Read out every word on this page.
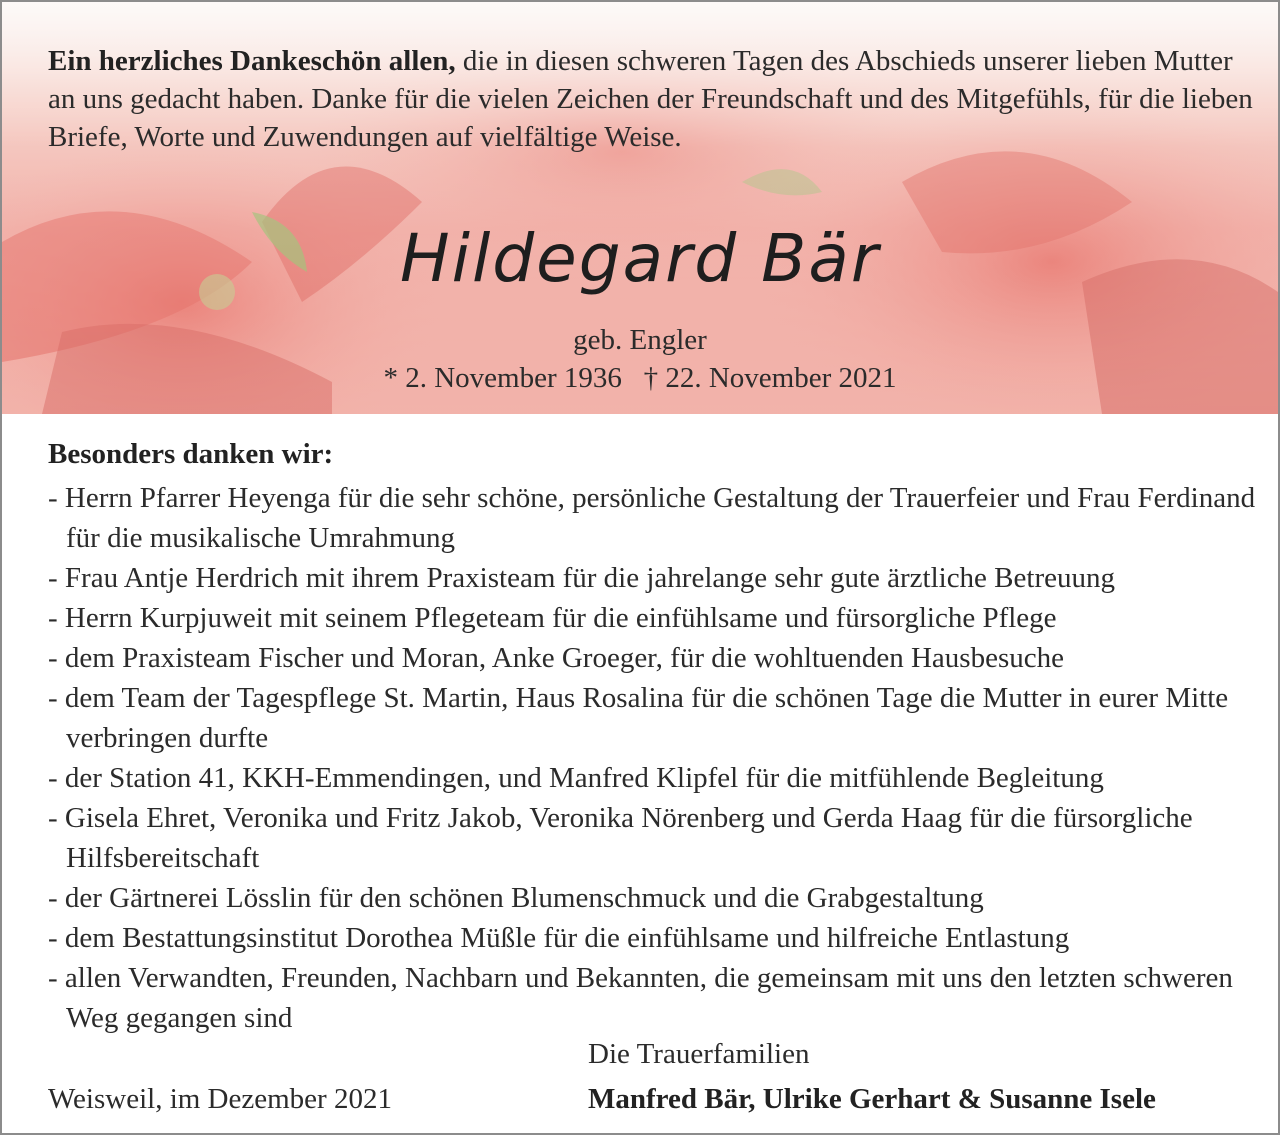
Ein herzliches Dankeschön allen, die in diesen schweren Tagen des Abschieds unserer lieben Mutter an uns gedacht haben. Danke für die vielen Zeichen der Freundschaft und des Mitgefühls, für die lieben Briefe, Worte und Zuwendungen auf vielfältige Weise.

Hildegard Bär
geb. Engler
* 2. November 1936   † 22. November 2021
Besonders danken wir:
- Herrn Pfarrer Heyenga für die sehr schöne, persönliche Gestaltung der Trauerfeier und Frau Ferdinand für die musikalische Umrahmung
- Frau Antje Herdrich mit ihrem Praxisteam für die jahrelange sehr gute ärztliche Betreuung
- Herrn Kurpjuweit mit seinem Pflegeteam für die einfühlsame und fürsorgliche Pflege
- dem Praxisteam Fischer und Moran, Anke Groeger, für die wohltuenden Hausbesuche
- dem Team der Tagespflege St. Martin, Haus Rosalina für die schönen Tage die Mutter in eurer Mitte verbringen durfte
- der Station 41, KKH-Emmendingen, und Manfred Klipfel für die mitfühlende Begleitung
- Gisela Ehret, Veronika und Fritz Jakob, Veronika Nörenberg und Gerda Haag für die fürsorgliche Hilfsbereitschaft
- der Gärtnerei Lösslin für den schönen Blumenschmuck und die Grabgestaltung
- dem Bestattungsinstitut Dorothea Müßle für die einfühlsame und hilfreiche Entlastung
- allen Verwandten, Freunden, Nachbarn und Bekannten, die gemeinsam mit uns den letzten schweren Weg gegangen sind
Die Trauerfamilien
Weisweil, im Dezember 2021	Manfred Bär, Ulrike Gerhart & Susanne Isele
